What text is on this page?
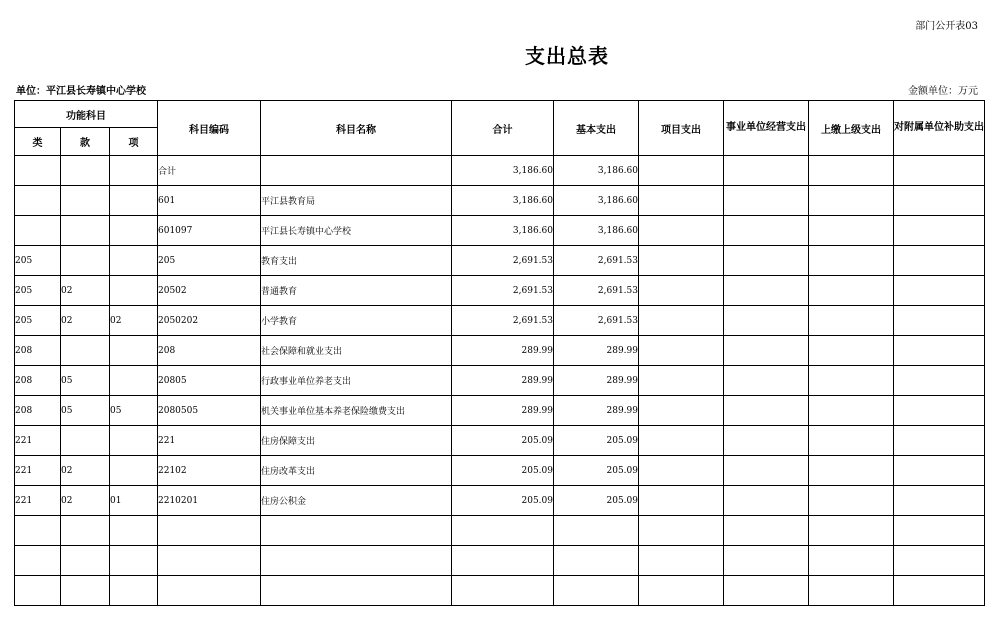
部门公开表03
支出总表
单位：平江县长寿镇中心学校	金额单位：万元
功能科目			科目编码	科目名称	合计	基本支出	项目支出	事业单位经营支出	上缴上级支出	对附属单位补助支出
类	款	项								
			合计		3,186.60	3,186.60				
			601	平江县教育局	3,186.60	3,186.60				
			601097	平江县长寿镇中心学校	3,186.60	3,186.60				
205			205	教育支出	2,691.53	2,691.53				
205	02		20502	普通教育	2,691.53	2,691.53				
205	02	02	2050202	小学教育	2,691.53	2,691.53				
208			208	社会保障和就业支出	289.99	289.99				
208	05		20805	行政事业单位养老支出	289.99	289.99				
208	05	05	2080505	机关事业单位基本养老保险缴费支出	289.99	289.99				
221			221	住房保障支出	205.09	205.09				
221	02		22102	住房改革支出	205.09	205.09				
221	02	01	2210201	住房公积金	205.09	205.09				
